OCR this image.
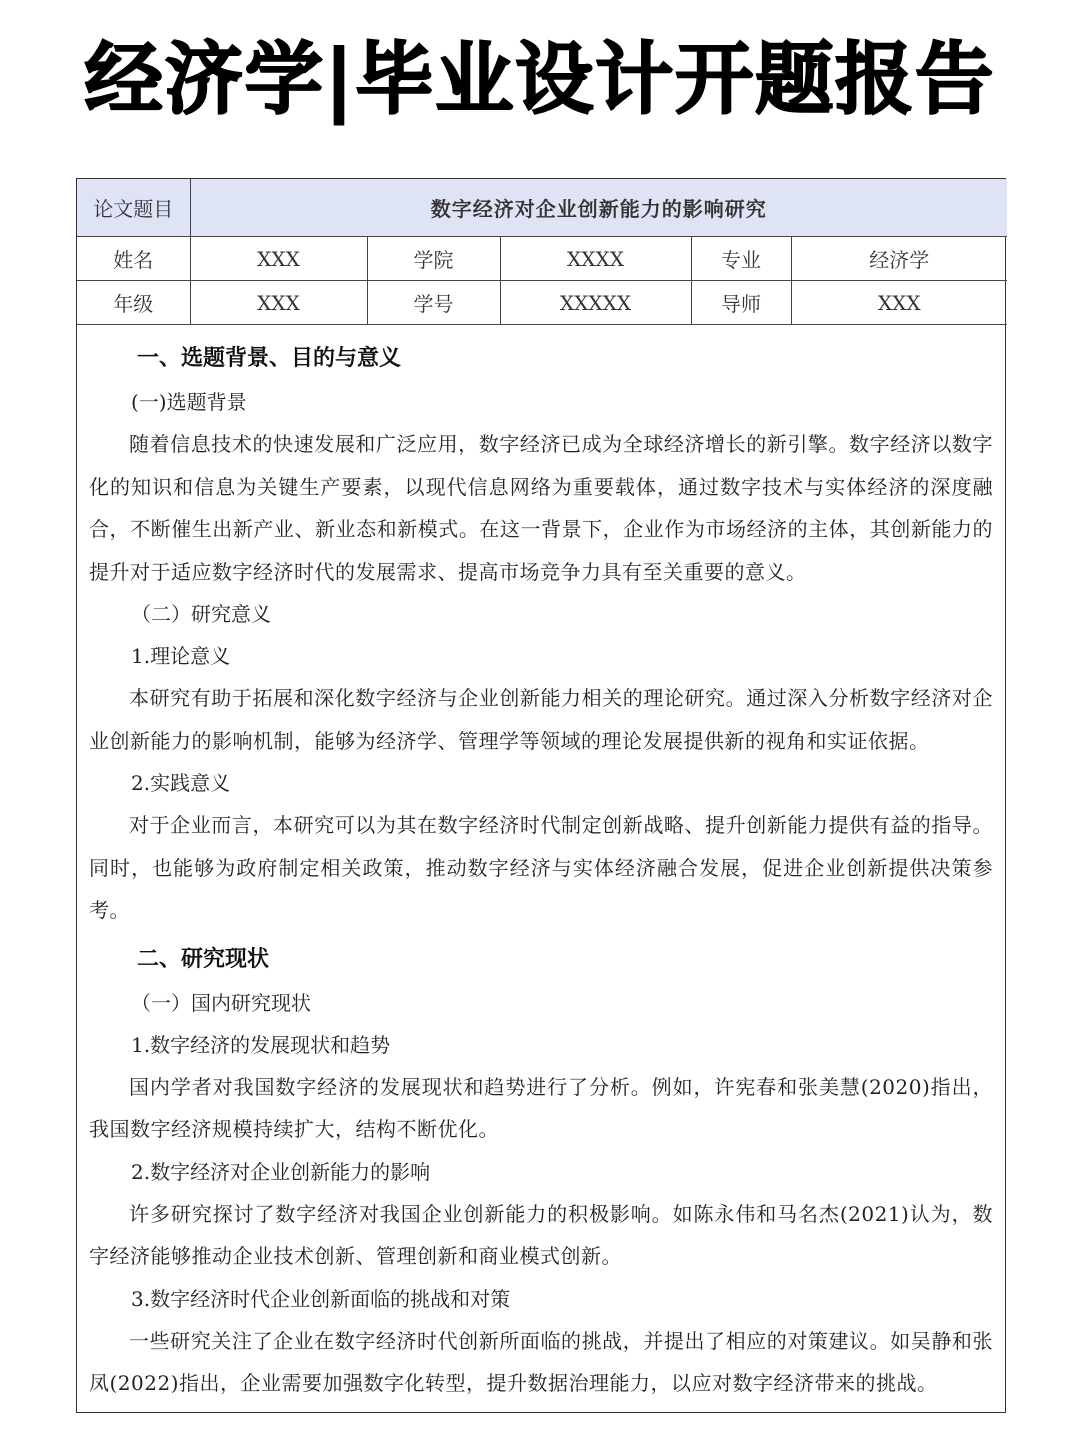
经济学|毕业设计开题报告
论文题目	数字经济对企业创新能力的影响研究				
姓名	XXX	学院	XXXX	专业	经济学
年级	XXX	学号	XXXXX	导师	XXX
一、选题背景、目的与意义
(一)选题背景
随着信息技术的快速发展和广泛应用，数字经济已成为全球经济增长的新引擎。数字经济以数字化的知识和信息为关键生产要素，以现代信息网络为重要载体，通过数字技术与实体经济的深度融合，不断催生出新产业、新业态和新模式。在这一背景下，企业作为市场经济的主体，其创新能力的提升对于适应数字经济时代的发展需求、提高市场竞争力具有至关重要的意义。
（二）研究意义
1.理论意义
本研究有助于拓展和深化数字经济与企业创新能力相关的理论研究。通过深入分析数字经济对企业创新能力的影响机制，能够为经济学、管理学等领域的理论发展提供新的视角和实证依据。
2.实践意义
对于企业而言，本研究可以为其在数字经济时代制定创新战略、提升创新能力提供有益的指导。同时，也能够为政府制定相关政策，推动数字经济与实体经济融合发展，促进企业创新提供决策参考。
二、研究现状
（一）国内研究现状
1.数字经济的发展现状和趋势
国内学者对我国数字经济的发展现状和趋势进行了分析。例如，许宪春和张美慧(2020)指出，我国数字经济规模持续扩大，结构不断优化。
2.数字经济对企业创新能力的影响
许多研究探讨了数字经济对我国企业创新能力的积极影响。如陈永伟和马名杰(2021)认为，数字经济能够推动企业技术创新、管理创新和商业模式创新。
3.数字经济时代企业创新面临的挑战和对策
一些研究关注了企业在数字经济时代创新所面临的挑战，并提出了相应的对策建议。如吴静和张凤(2022)指出，企业需要加强数字化转型，提升数据治理能力，以应对数字经济带来的挑战。
